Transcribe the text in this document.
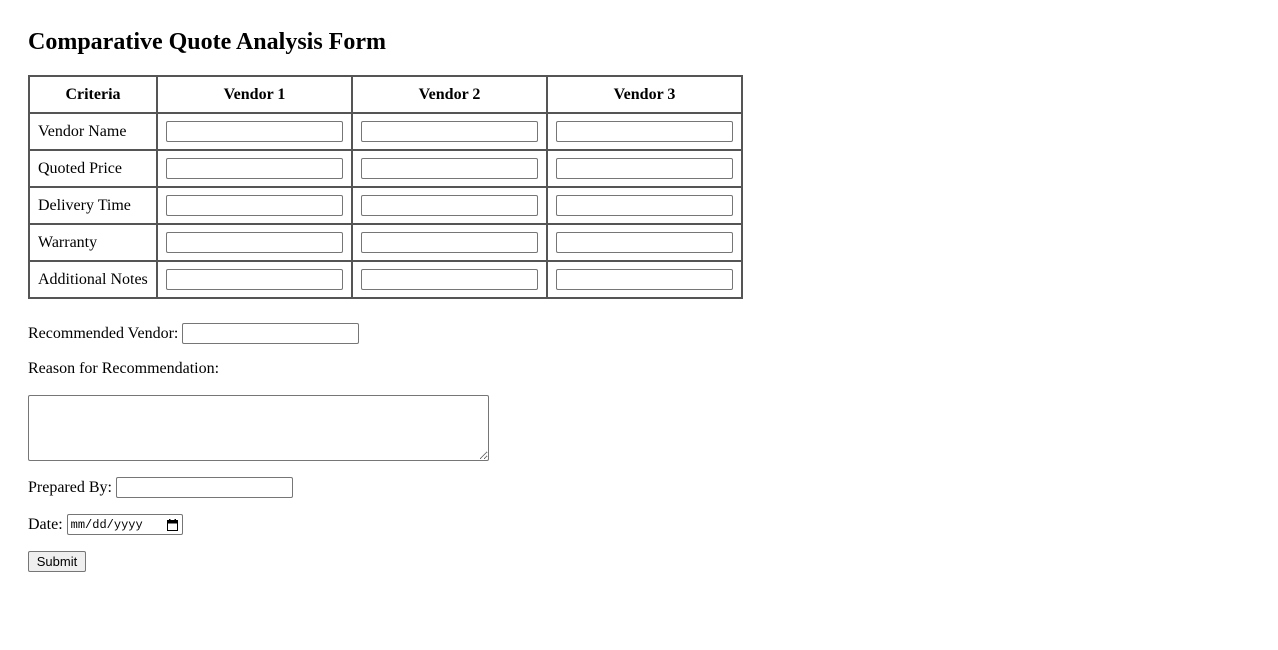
Comparative Quote Analysis Form
Criteria	Vendor 1	Vendor 2	Vendor 3
Vendor Name			
Quoted Price			
Delivery Time			
Warranty			
Additional Notes			
Recommended Vendor:
Reason for Recommendation:
Prepared By:
Date: mm/dd/yyyy
Submit
